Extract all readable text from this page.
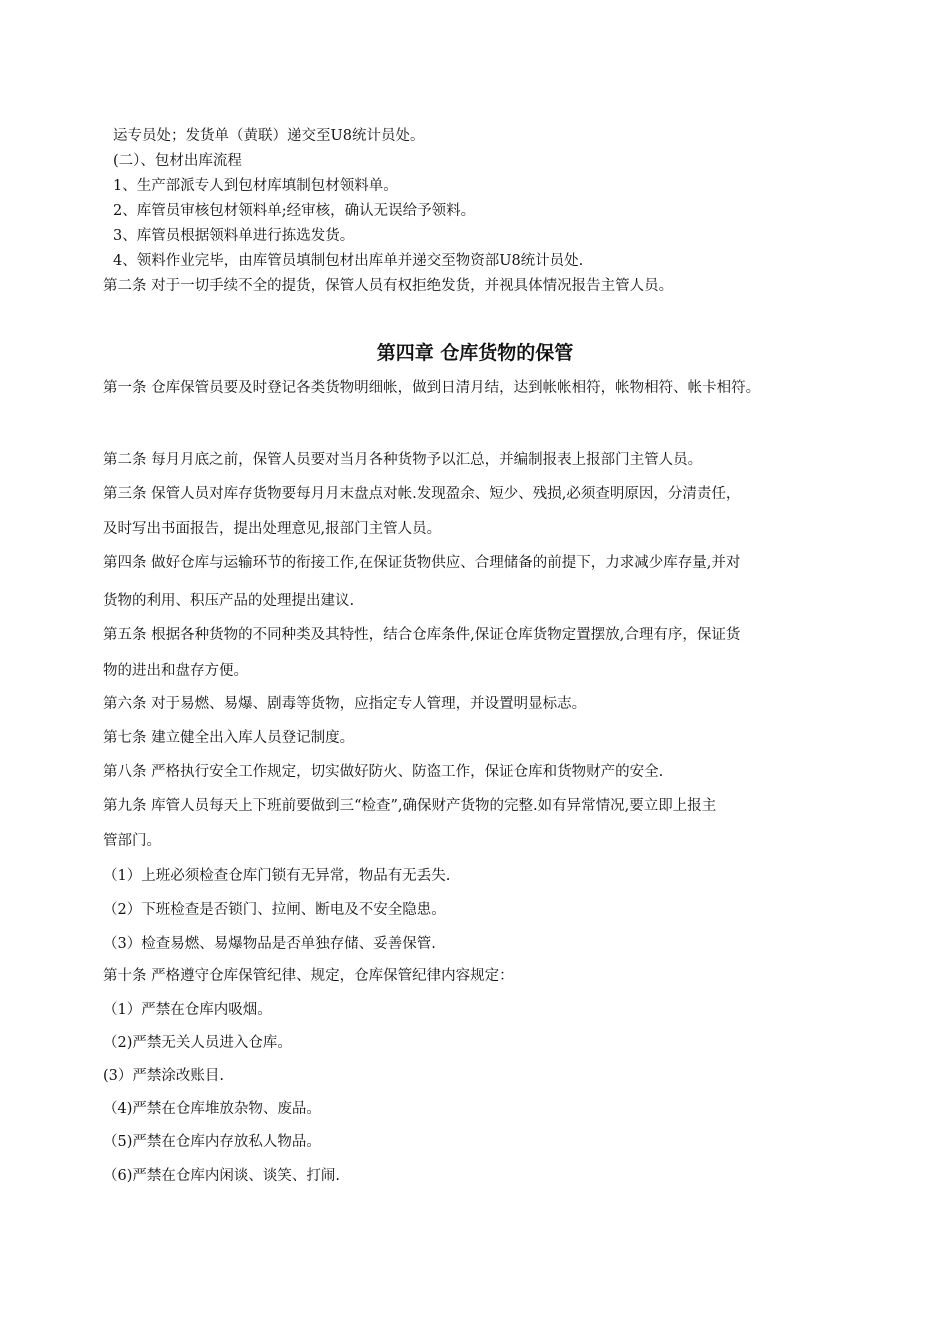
运专员处；发货单（黄联）递交至U8统计员处。
(二）、包材出库流程
1、生产部派专人到包材库填制包材领料单。
2、库管员审核包材领料单;经审核，确认无误给予领料。
3、库管员根据领料单进行拣选发货。
4、领料作业完毕，由库管员填制包材出库单并递交至物资部U8统计员处.
第二条 对于一切手续不全的提货，保管人员有权拒绝发货，并视具体情况报告主管人员。
第四章 仓库货物的保管
第一条 仓库保管员要及时登记各类货物明细帐，做到日清月结，达到帐帐相符，帐物相符、帐卡相符。
第二条 每月月底之前，保管人员要对当月各种货物予以汇总，并编制报表上报部门主管人员。
第三条 保管人员对库存货物要每月月末盘点对帐.发现盈余、短少、残损,必须查明原因，分清责任，
及时写出书面报告，提出处理意见,报部门主管人员。
第四条 做好仓库与运输环节的衔接工作,在保证货物供应、合理储备的前提下，力求减少库存量,并对
货物的利用、积压产品的处理提出建议.
第五条 根据各种货物的不同种类及其特性，结合仓库条件,保证仓库货物定置摆放,合理有序，保证货
物的进出和盘存方便。
第六条 对于易燃、易爆、剧毒等货物，应指定专人管理，并设置明显标志。
第七条 建立健全出入库人员登记制度。
第八条 严格执行安全工作规定，切实做好防火、防盗工作，保证仓库和货物财产的安全.
第九条 库管人员每天上下班前要做到三“检查”,确保财产货物的完整.如有异常情况,要立即上报主
管部门。
（1）上班必须检查仓库门锁有无异常，物品有无丢失.
（2）下班检查是否锁门、拉闸、断电及不安全隐患。
（3）检查易燃、易爆物品是否单独存储、妥善保管.
第十条 严格遵守仓库保管纪律、规定，仓库保管纪律内容规定：
（1）严禁在仓库内吸烟。
（2)严禁无关人员进入仓库。
(3）严禁涂改账目.
（4)严禁在仓库堆放杂物、废品。
（5)严禁在仓库内存放私人物品。
（6)严禁在仓库内闲谈、谈笑、打闹.
